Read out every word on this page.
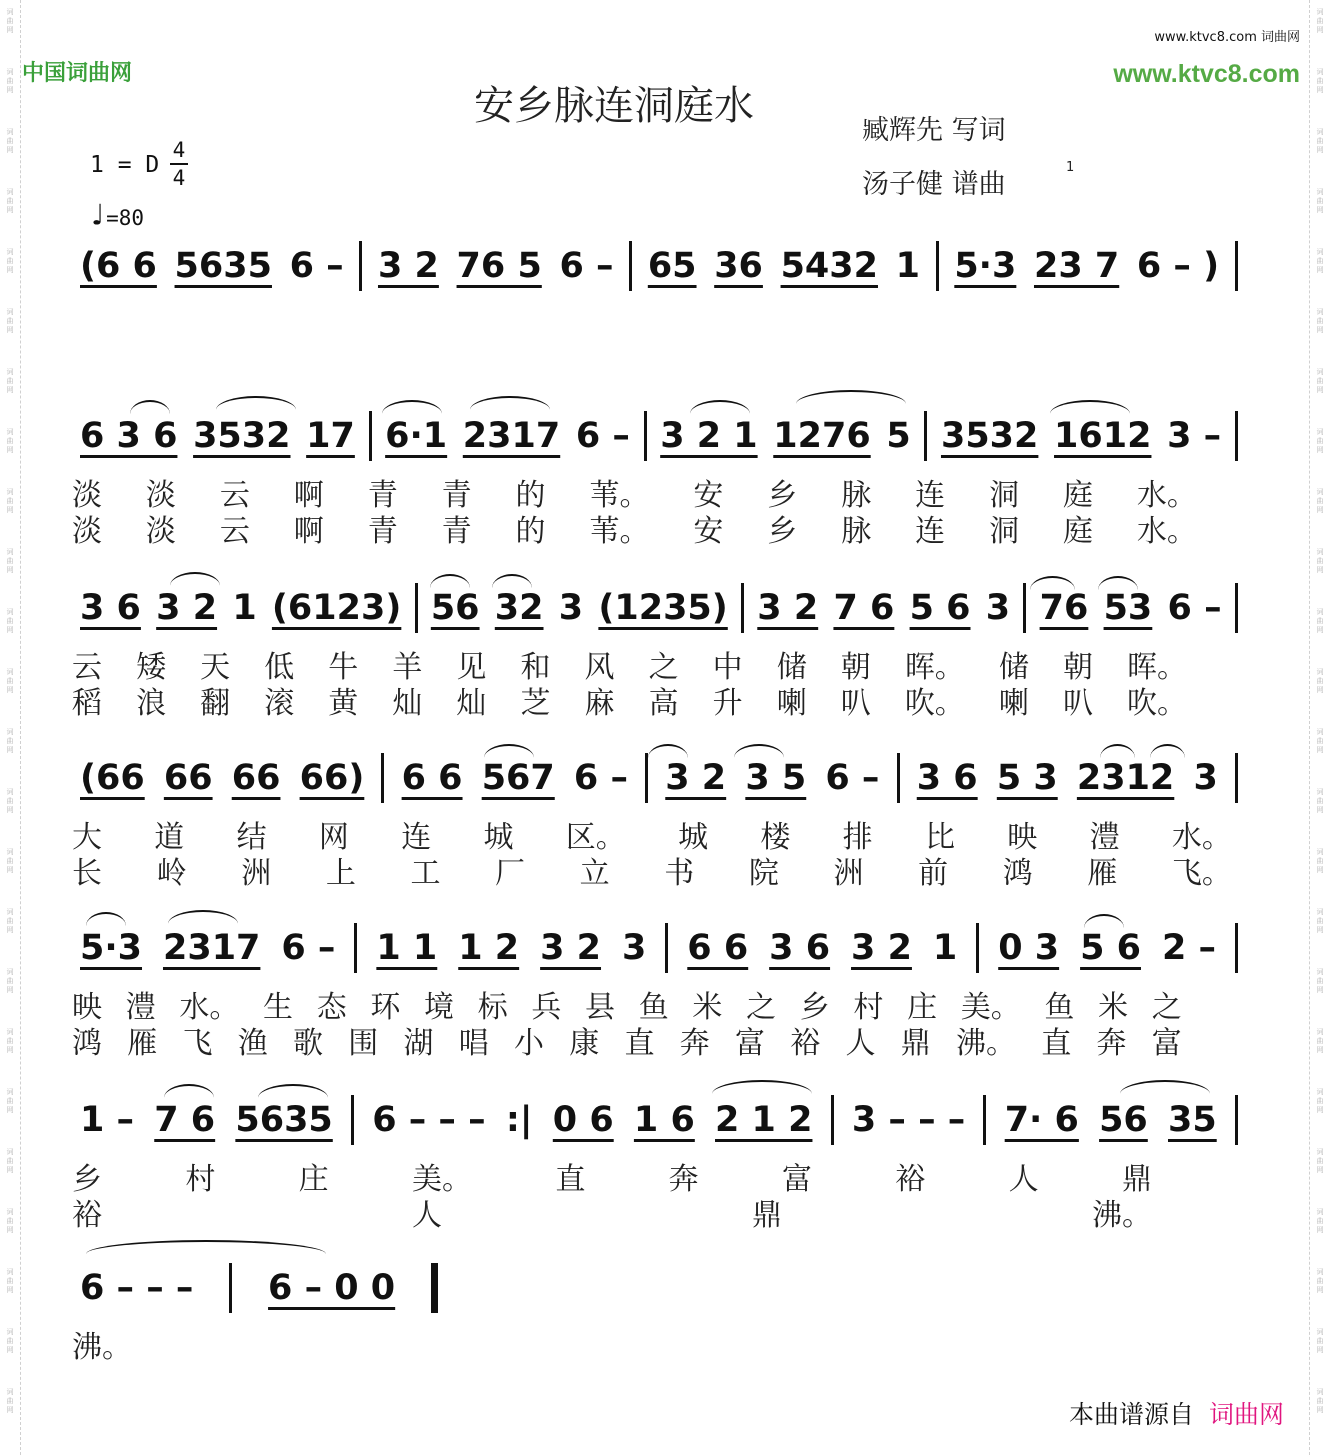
词
曲
网
词
曲
网
词
曲
网
词
曲
网
词
曲
网
词
曲
网
词
曲
网
词
曲
网
词
曲
网
词
曲
网
词
曲
网
词
曲
网
词
曲
网
词
曲
网
词
曲
网
词
曲
网
词
曲
网
词
曲
网
词
曲
网
词
曲
网
词
曲
网
词
曲
网
词
曲
网
词
曲
网
词
曲
网
词
曲
网
词
曲
网
词
曲
网
词
曲
网
词
曲
网
词
曲
网
词
曲
网
词
曲
网
词
曲
网
词
曲
网
词
曲
网
词
曲
网
词
曲
网
词
曲
网
词
曲
网
词
曲
网
词
曲
网
词
曲
网
词
曲
网
词
曲
网
词
曲
网
词
曲
网
词
曲
网
中国词曲网
www.ktvc8.com 词曲网
www.ktvc8.com
安乡脉连洞庭水
臧辉先 写词
汤子健 谱曲
1
1 = D
4
4
♩=80
(6 6 5635 6 – 3 2 76 5 6 – 65 36 5432 1 5·3 23 7 6 – )
6 3 6 3532 17 6·1 2317 6 – 3 2 1 1276 5 3532 1612 3 –
淡 淡 云 啊 青 青 的 苇。 安 乡 脉 连 洞 庭 水。
淡 淡 云 啊 青 青 的 苇。 安 乡 脉 连 洞 庭 水。
3 6 3 2 1 (6123) 56 32 3 (1235) 3 2 7 6 5 6 3 76 53 6 –
云 矮 天 低 牛 羊 见 和 风 之 中 储 朝 晖。 储 朝 晖。
稻 浪 翻 滚 黄 灿 灿 芝 麻 高 升 喇 叭 吹。 喇 叭 吹。
(66 66 66 66) 6 6 567 6 – 3 2 3 5 6 – 3 6 5 3 2312 3
大 道 结 网 连 城 区。 城 楼 排 比 映 澧 水。
长 岭 洲 上 工 厂 立 书 院 洲 前 鸿 雁 飞。
5·3 2317 6 – 1 1 1 2 3 2 3 6 6 3 6 3 2 1 0 3 5 6 2 –
映 澧 水。 生 态 环 境 标 兵 县 鱼 米 之 乡 村 庄 美。 鱼 米 之
鸿 雁 飞 渔 歌 围 湖 唱 小 康 直 奔 富 裕 人 鼎 沸。 直 奔 富
1 – 7 6 5635 6 – – – :| 0 6 1 6 2 1 2 3 – – – 7· 6 56 35
乡	村	庄	美。	直	奔	富	裕	人	鼎
裕	人	鼎	沸。
6 – – – 6 – 0 0
沸。
本曲谱源自 词曲网
